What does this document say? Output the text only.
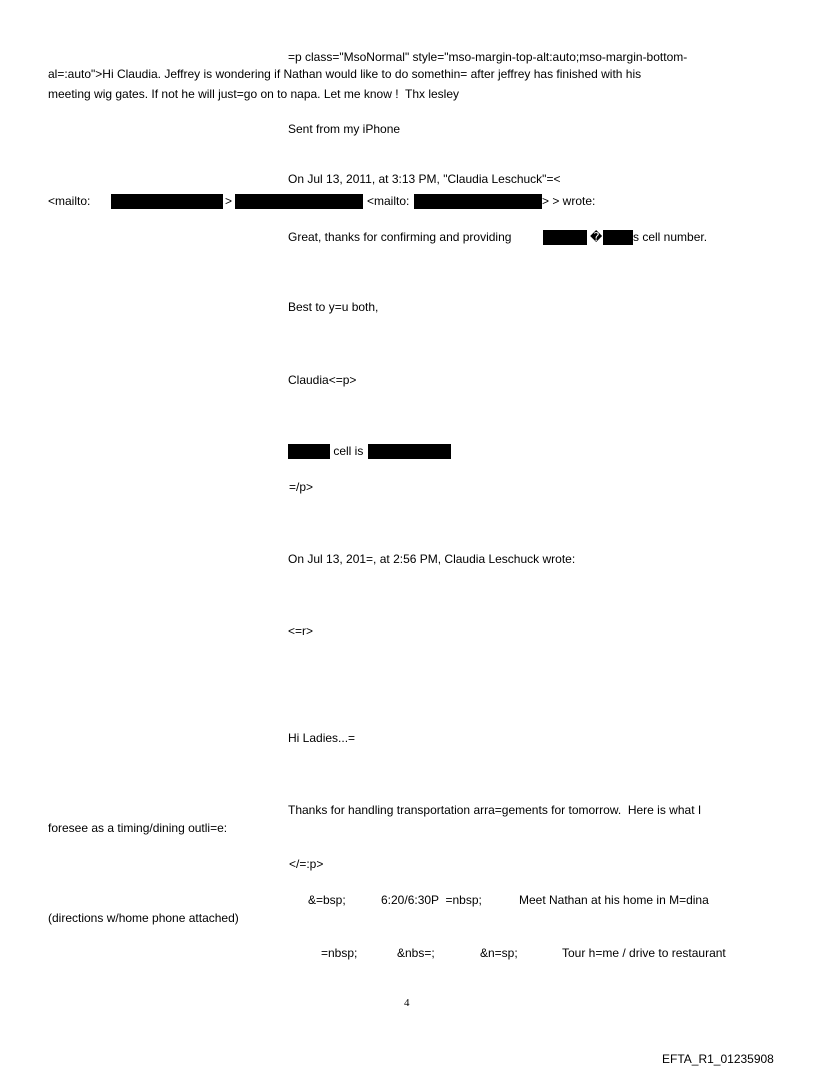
=p class="MsoNormal" style="mso-margin-top-alt:auto;mso-margin-bottom-
al=:auto">Hi Claudia. Jeffrey is wondering if Nathan would like to do somethin= after jeffrey has finished with his
meeting wig gates. If not he will just=go on to napa. Let me know !  Thx lesley
Sent from my iPhone
On Jul 13, 2011, at 3:13 PM, "Claudia Leschuck"=<
<mailto:	>	<mailto:	> > wrote:
Great, thanks for confirming and providing	�	s cell number.
Best to y=u both,
Claudia<=p>
cell is
=/p>
On Jul 13, 201=, at 2:56 PM, Claudia Leschuck wrote:
<=r>
Hi Ladies...=
Thanks for handling transportation arra=gements for tomorrow.  Here is what I
foresee as a timing/dining outli=e:
</=:p>
&=bsp;	6:20/6:30P  =nbsp;	Meet Nathan at his home in M=dina
(directions w/home phone attached)
=nbsp;	&nbs=;	&n=sp;	Tour h=me / drive to restaurant
4
EFTA_R1_01235908
